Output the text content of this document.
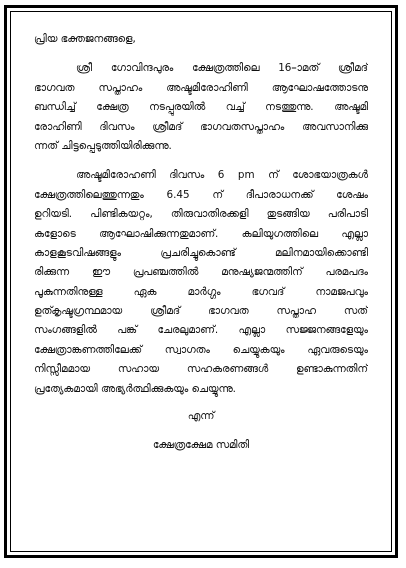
പ്രിയ ഭക്തജനങ്ങളെ,
ശ്രീ ഗോവിന്ദപുരം ക്ഷേത്രത്തിലെ 16–ാമത് ശ്രീമദ്
ഭാഗവത സപ്താഹം അഷ്ടമിരോഹിണി ആഘോഷത്തോടനു
ബന്ധിച്ച് ക്ഷേത്ര നടപ്പുരയിൽ വച്ച് നടത്തുന്നു. അഷ്ടമി
രോഹിണി ദിവസം ശ്രീമദ് ഭാഗവതസപ്താഹം അവസാനിക്കു
ന്നത് ചിട്ടപ്പെടുത്തിയിരിക്കുന്നു.
അഷ്ടമിരോഹണി ദിവസം 6 pm ന് ശോഭയാത്രകൾ
ക്ഷേത്രത്തിലെത്തുന്നതും 6.45 ന് ദീപാരാധനക്ക് ശേഷം
ഉറിയടി. പിണ്ടികയറ്റം, തിരുവാതിരക്കളി തുടങ്ങിയ പരിപാടി
കളോടെ ആഘോഷിക്കുന്നതുമാണ്. കലിയുഗത്തിലെ എല്ലാ
കാളകൂടവിഷങ്ങളും പ്രചരിച്ചുകൊണ്ട് മലിനമായിക്കൊണ്ടി
രിക്കുന്ന ഈ പ്രപഞ്ചത്തിൽ മനുഷ്യജന്മത്തിന് പരമപദം
പൂകുന്നതിനുള്ള ഏക മാർഗ്ഗം ഭഗവദ് നാമജപവും
ഉത്കൃഷ്ടഗ്രന്ഥമായ ശ്രീമദ് ഭാഗവത സപ്താഹ സത്
സംഗങ്ങളിൽ പങ്ക് ചേരലുമാണ്. എല്ലാ സജ്ജനങ്ങളേയും
ക്ഷേത്രാങ്കണത്തിലേക്ക് സ്വാഗതം ചെയ്യുകയും ഏവരുടെയും
നിസ്സീമമായ സഹായ സഹകരണങ്ങൾ ഉണ്ടാകുന്നതിന്
പ്രത്യേകമായി അഭ്യർത്ഥിക്കുകയും ചെയ്യുന്നു.
എന്ന്
ക്ഷേത്രക്ഷേമ സമിതി
